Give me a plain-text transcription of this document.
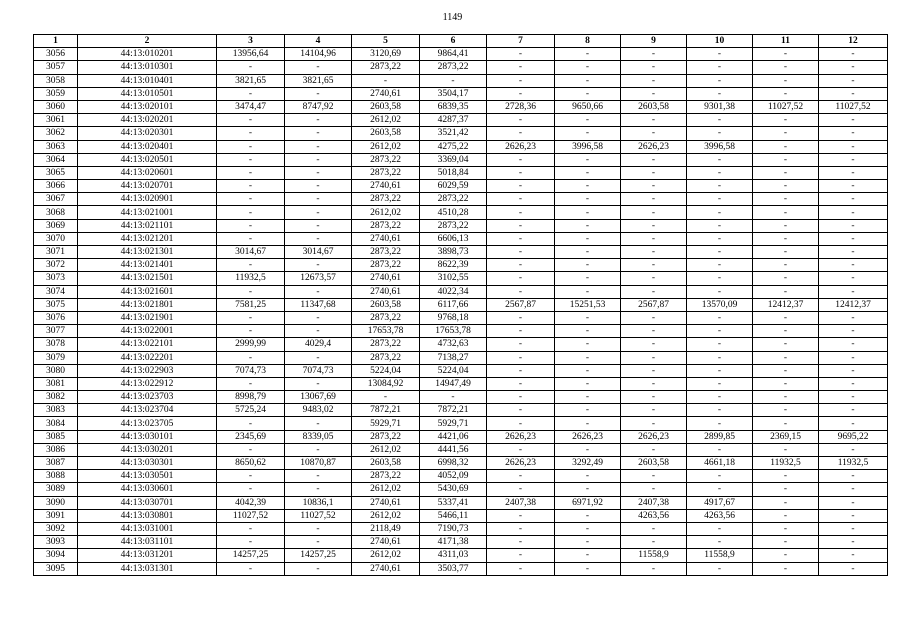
1149
1	2	3	4	5	6	7	8	9	10	11	12
3056	44:13:010201	13956,64	14104,96	3120,69	9864,41	-	-	-	-	-	-
3057	44:13:010301	-	-	2873,22	2873,22	-	-	-	-	-	-
3058	44:13:010401	3821,65	3821,65	-	-	-	-	-	-	-	-
3059	44:13:010501	-	-	2740,61	3504,17	-	-	-	-	-	-
3060	44:13:020101	3474,47	8747,92	2603,58	6839,35	2728,36	9650,66	2603,58	9301,38	11027,52	11027,52
3061	44:13:020201	-	-	2612,02	4287,37	-	-	-	-	-	-
3062	44:13:020301	-	-	2603,58	3521,42	-	-	-	-	-	-
3063	44:13:020401	-	-	2612,02	4275,22	2626,23	3996,58	2626,23	3996,58	-	-
3064	44:13:020501	-	-	2873,22	3369,04	-	-	-	-	-	-
3065	44:13:020601	-	-	2873,22	5018,84	-	-	-	-	-	-
3066	44:13:020701	-	-	2740,61	6029,59	-	-	-	-	-	-
3067	44:13:020901	-	-	2873,22	2873,22	-	-	-	-	-	-
3068	44:13:021001	-	-	2612,02	4510,28	-	-	-	-	-	-
3069	44:13:021101	-	-	2873,22	2873,22	-	-	-	-	-	-
3070	44:13:021201	-	-	2740,61	6606,13	-	-	-	-	-	-
3071	44:13:021301	3014,67	3014,67	2873,22	3898,73	-	-	-	-	-	-
3072	44:13:021401	-	-	2873,22	8622,39	-	-	-	-	-	-
3073	44:13:021501	11932,5	12673,57	2740,61	3102,55	-	-	-	-	-	-
3074	44:13:021601	-	-	2740,61	4022,34	-	-	-	-	-	-
3075	44:13:021801	7581,25	11347,68	2603,58	6117,66	2567,87	15251,53	2567,87	13570,09	12412,37	12412,37
3076	44:13:021901	-	-	2873,22	9768,18	-	-	-	-	-	-
3077	44:13:022001	-	-	17653,78	17653,78	-	-	-	-	-	-
3078	44:13:022101	2999,99	4029,4	2873,22	4732,63	-	-	-	-	-	-
3079	44:13:022201	-	-	2873,22	7138,27	-	-	-	-	-	-
3080	44:13:022903	7074,73	7074,73	5224,04	5224,04	-	-	-	-	-	-
3081	44:13:022912	-	-	13084,92	14947,49	-	-	-	-	-	-
3082	44:13:023703	8998,79	13067,69	-	-	-	-	-	-	-	-
3083	44:13:023704	5725,24	9483,02	7872,21	7872,21	-	-	-	-	-	-
3084	44:13:023705	-	-	5929,71	5929,71	-	-	-	-	-	-
3085	44:13:030101	2345,69	8339,05	2873,22	4421,06	2626,23	2626,23	2626,23	2899,85	2369,15	9695,22
3086	44:13:030201	-	-	2612,02	4441,56	-	-	-	-	-	-
3087	44:13:030301	8650,62	10870,87	2603,58	6998,32	2626,23	3292,49	2603,58	4661,18	11932,5	11932,5
3088	44:13:030501	-	-	2873,22	4052,09	-	-	-	-	-	-
3089	44:13:030601	-	-	2612,02	5430,69	-	-	-	-	-	-
3090	44:13:030701	4042,39	10836,1	2740,61	5337,41	2407,38	6971,92	2407,38	4917,67	-	-
3091	44:13:030801	11027,52	11027,52	2612,02	5466,11	-	-	4263,56	4263,56	-	-
3092	44:13:031001	-	-	2118,49	7190,73	-	-	-	-	-	-
3093	44:13:031101	-	-	2740,61	4171,38	-	-	-	-	-	-
3094	44:13:031201	14257,25	14257,25	2612,02	4311,03	-	-	11558,9	11558,9	-	-
3095	44:13:031301	-	-	2740,61	3503,77	-	-	-	-	-	-
